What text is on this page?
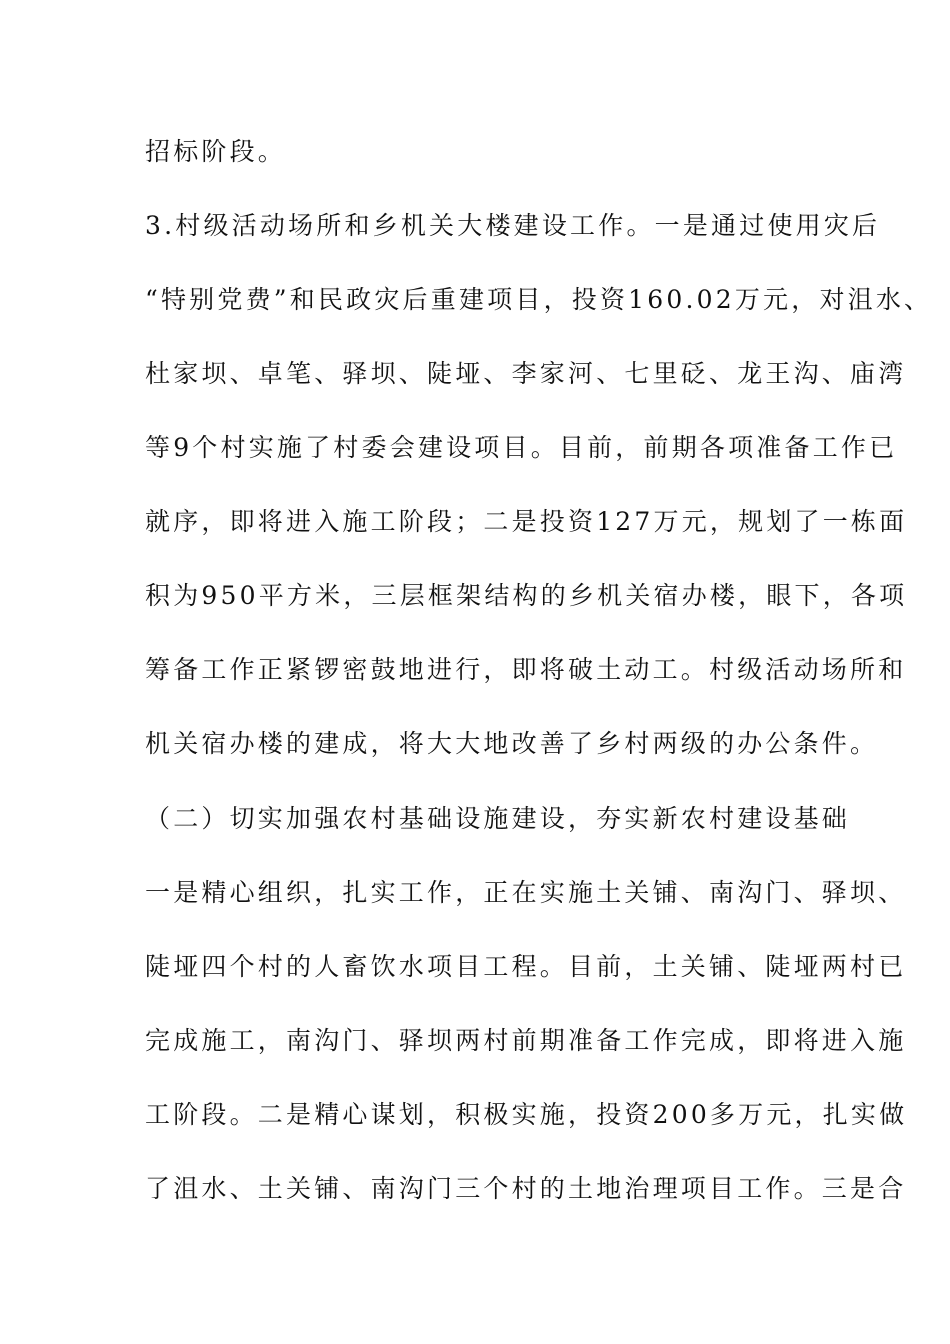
招标阶段。
3.村级活动场所和乡机关大楼建设工作。一是通过使用灾后
“特别党费”和民政灾后重建项目，投资160.02万元，对沮水、
杜家坝、卓笔、驿坝、陡垭、李家河、七里砭、龙王沟、庙湾
等9个村实施了村委会建设项目。目前，前期各项准备工作已
就序，即将进入施工阶段；二是投资127万元，规划了一栋面
积为950平方米，三层框架结构的乡机关宿办楼，眼下，各项
筹备工作正紧锣密鼓地进行，即将破土动工。村级活动场所和
机关宿办楼的建成，将大大地改善了乡村两级的办公条件。
（二）切实加强农村基础设施建设，夯实新农村建设基础
一是精心组织，扎实工作，正在实施土关铺、南沟门、驿坝、
陡垭四个村的人畜饮水项目工程。目前，土关铺、陡垭两村已
完成施工，南沟门、驿坝两村前期准备工作完成，即将进入施
工阶段。二是精心谋划，积极实施，投资200多万元，扎实做
了沮水、土关铺、南沟门三个村的土地治理项目工作。三是合
